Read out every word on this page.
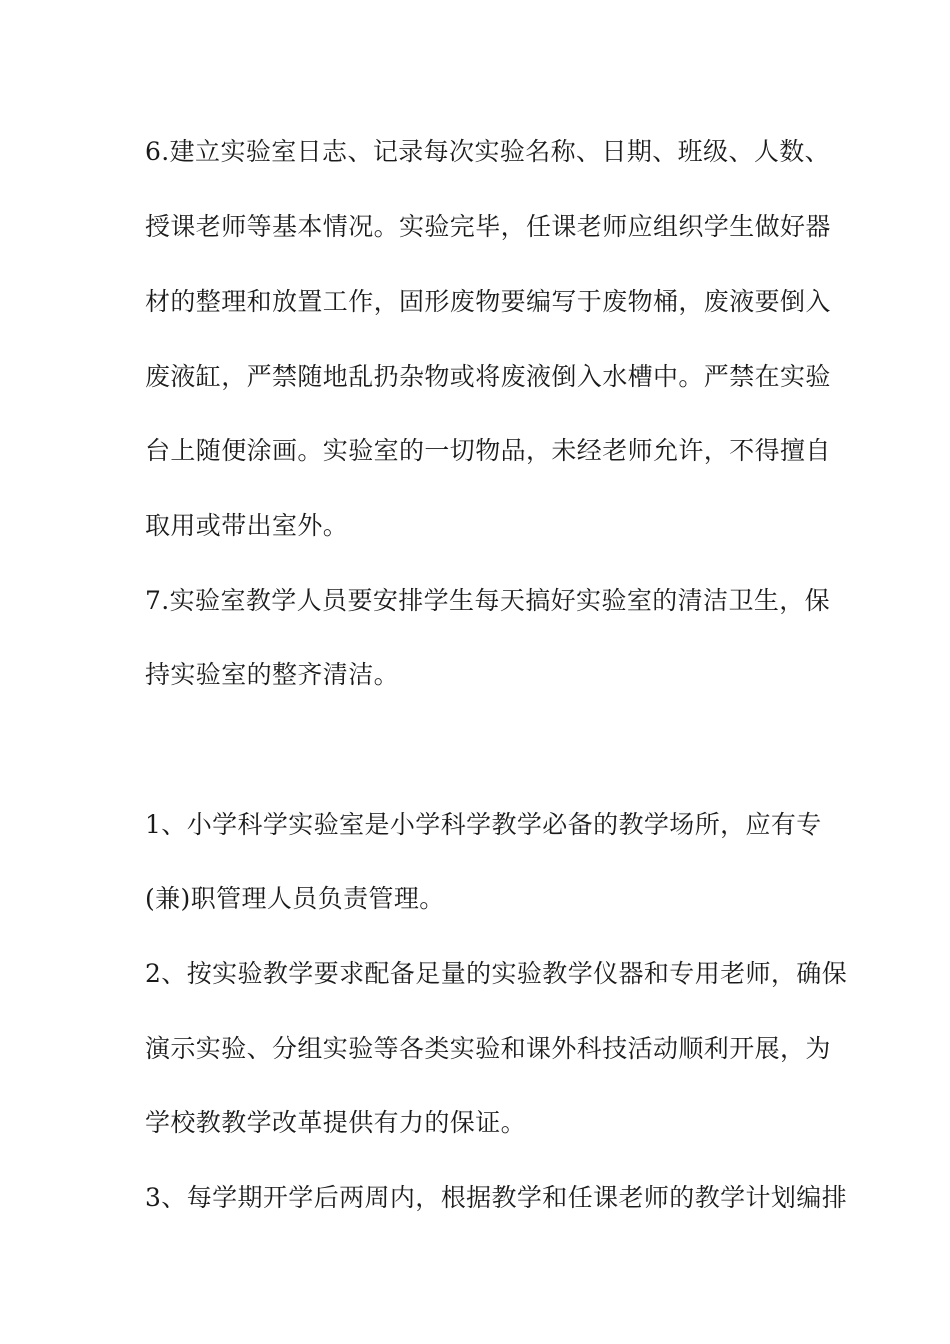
6.建立实验室日志、记录每次实验名称、日期、班级、人数、

授课老师等基本情况。实验完毕，任课老师应组织学生做好器

材的整理和放置工作，固形废物要编写于废物桶，废液要倒入

废液缸，严禁随地乱扔杂物或将废液倒入水槽中。严禁在实验

台上随便涂画。实验室的一切物品，未经老师允许，不得擅自

取用或带出室外。

7.实验室教学人员要安排学生每天搞好实验室的清洁卫生，保

持实验室的整齐清洁。

1、小学科学实验室是小学科学教学必备的教学场所，应有专

(兼)职管理人员负责管理。

2、按实验教学要求配备足量的实验教学仪器和专用老师，确保

演示实验、分组实验等各类实验和课外科技活动顺利开展，为

学校教教学改革提供有力的保证。

3、每学期开学后两周内，根据教学和任课老师的教学计划编排
